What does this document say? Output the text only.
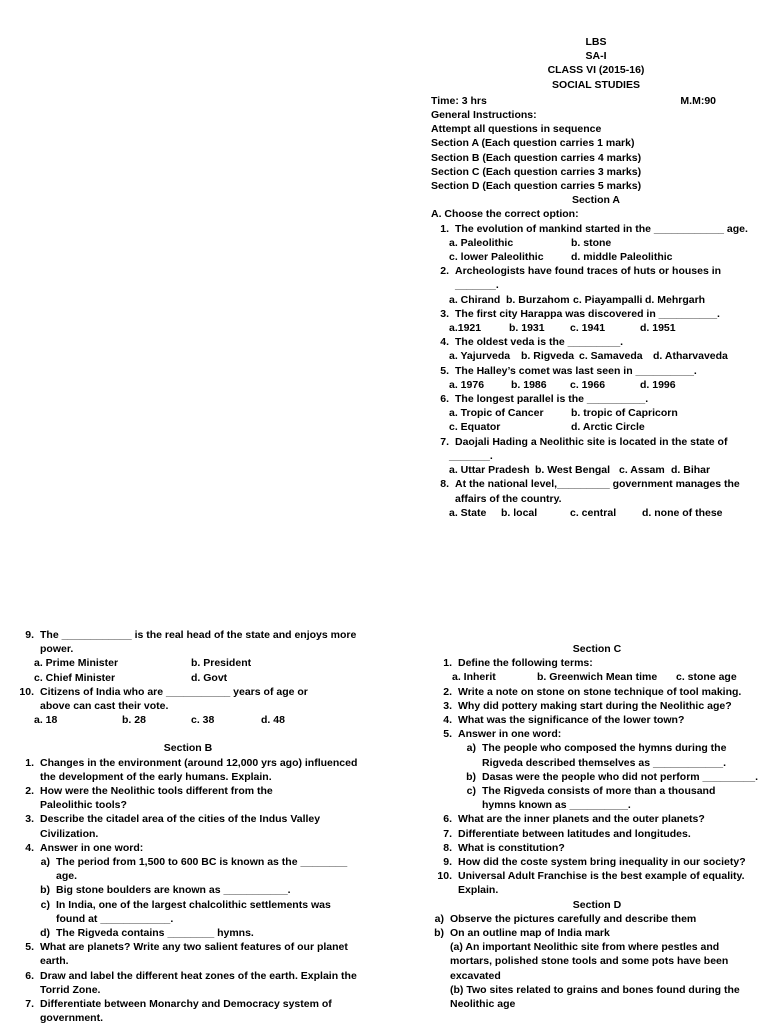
LBS
SA-I
CLASS VI (2015-16)
SOCIAL STUDIES
Time: 3 hrs	M.M:90
General Instructions:
Attempt all questions in sequence
Section A (Each question carries 1 mark)
Section B (Each question carries 4 marks)
Section C (Each question carries 3 marks)
Section D (Each question carries 5 marks)
Section A
A. Choose the correct option:
1. The evolution of mankind started in the ____________ age.
a. Paleolithic	b. stone
c. lower Paleolithic	d. middle Paleolithic
2. Archeologists have found traces of huts or houses in _______.
a. Chirand b. Burzahom c. Piayampalli d. Mehrgarh
3. The first city Harappa was discovered in __________.
a.1921	b. 1931	c. 1941	d. 1951
4. The oldest veda is the _________.
a. Yajurveda	b. Rigveda c. Samaveda d. Atharvaveda
5. The Halley’s comet was last seen in __________.
a. 1976	b. 1986	c. 1966	d. 1996
6. The longest parallel is the __________.
a. Tropic of Cancer	b. tropic of Capricorn
c. Equator	d. Arctic Circle
7. Daojali Hading a Neolithic site is located in the state of
_______.
a. Uttar Pradesh b. West Bengal c. Assam d. Bihar
8. At the national level,_________ government manages the affairs of the country.
a. State	b. local	c. central	d. none of these
9. The ____________ is the real head of the state and enjoys more power.
a. Prime Minister	b. President
c. Chief Minister	d. Govt
10. Citizens of India who are ___________ years of age or above can cast their vote.
a. 18	b. 28	c. 38	d. 48
Section B
1. Changes in the environment (around 12,000 yrs ago) influenced the development of the early humans. Explain.
2. How were the Neolithic tools different from the Paleolithic tools?
3. Describe the citadel area of the cities of the Indus Valley Civilization.
4. Answer in one word:
a) The period from 1,500 to 600 BC is known as the ________ age.
b) Big stone boulders are known as ___________.
c) In India, one of the largest chalcolithic settlements was found at ____________.
d) The Rigveda contains ________ hymns.
5. What are planets? Write any two salient features of our planet earth.
6. Draw and label the different heat zones of the earth. Explain the Torrid Zone.
7. Differentiate between Monarchy and Democracy system of government.
Section C
1. Define the following terms:
a. Inherit	b. Greenwich Mean time	c. stone age
2. Write a note on stone on stone technique of tool making.
3. Why did pottery making start during the Neolithic age?
4. What was the significance of the lower town?
5. Answer in one word:
a) The people who composed the hymns during the Rigveda described themselves as ____________.
b) Dasas were the people who did not perform _________.
c) The Rigveda consists of more than a thousand hymns known as __________.
6. What are the inner planets and the outer planets?
7. Differentiate between latitudes and longitudes.
8. What is constitution?
9. How did the coste system bring inequality in our society?
10. Universal Adult Franchise is the best example of equality. Explain.
Section D
a) Observe the pictures carefully and describe them
b) On an outline map of India mark
(a) An important Neolithic site from where pestles and mortars, polished stone tools and some pots have been excavated
(b) Two sites related to grains and bones found during the Neolithic age
